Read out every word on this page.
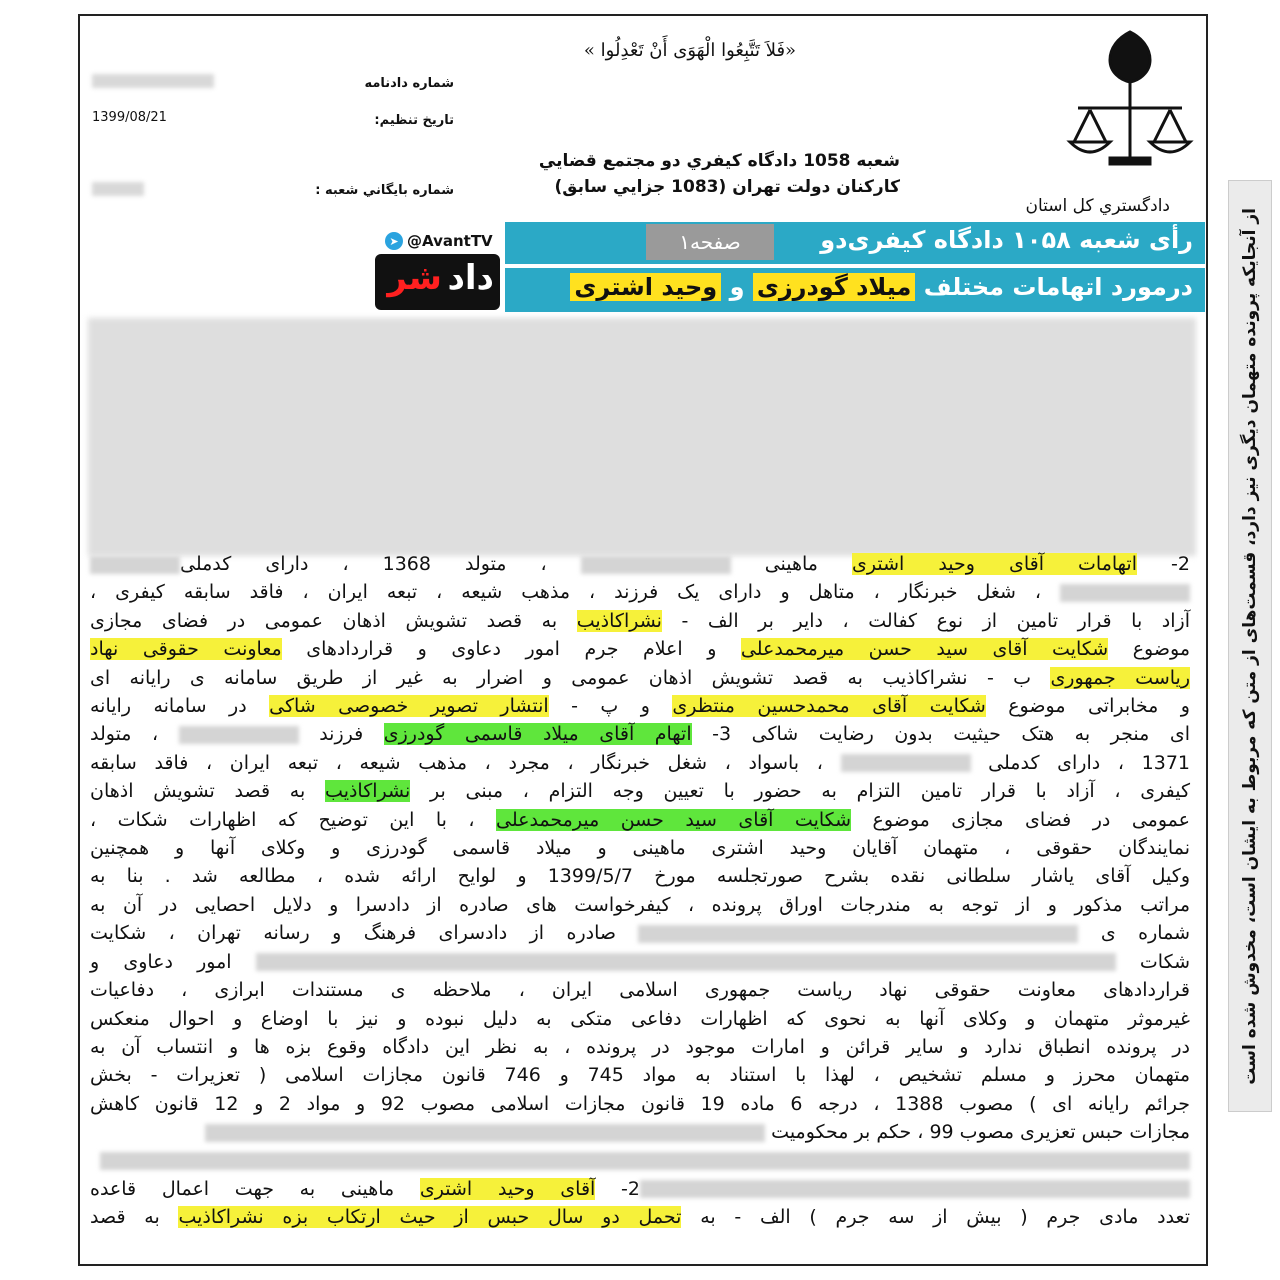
از آنجایکه پرونده متهمان دیگری نیز دارد، قسمت‌های از متن که مربوط به ایشان است، مخدوش شده است
«فَلاَ تَتَّبِعُوا الْهَوَى أَنْ تَعْدِلُوا »
شماره دادنامه
تاريخ تنظيم:
1399/08/21
شماره بايگاني شعبه :
شعبه 1058 دادگاه كيفري دو مجتمع قضايي
كاركنان دولت تهران (1083 جزايي سابق)
دادگستري كل استان
رأی شعبه ۱۰۵۸ دادگاه کیفری‌دو
صفحه۱
درمورد اتهامات مختلف میلاد گودرزی و وحید اشتری
➤ @AvantTV
شر داد

2- اتهامات آقای وحید اشتری ماهینی  ، متولد 1368 ، دارای کدملی

، شغل خبرنگار ، متاهل و دارای یک فرزند ، مذهب شیعه ، تبعه ایران ، فاقد سابقه کیفری ،

آزاد با قرار تامین از نوع کفالت ، دایر بر الف - نشراکاذیب به قصد تشویش اذهان عمومی در فضای مجازی

موضوع شکایت آقای سید حسن میرمحمدعلی و اعلام جرم امور دعاوی و قراردادهای معاونت حقوقی نهاد

ریاست جمهوری ب - نشراکاذیب به قصد تشویش اذهان عمومی و اضرار به غیر از طریق سامانه ی رایانه ای

و مخابراتی موضوع شکایت آقای محمدحسین منتظری و پ - انتشار تصویر خصوصی شاکی در سامانه رایانه

ای منجر به هتک حیثیت بدون رضایت شاکی 3- اتهام آقای میلاد قاسمی گودرزی فرزند  ، متولد

1371 ، دارای کدملی  ، باسواد ، شغل خبرنگار ، مجرد ، مذهب شیعه ، تبعه ایران ، فاقد سابقه

کیفری ، آزاد با قرار تامین التزام به حضور با تعیین وجه التزام ، مبنی بر نشراکاذیب به قصد تشویش اذهان

عمومی در فضای مجازی موضوع شکایت آقای سید حسن میرمحمدعلی ، با این توضیح که اظهارات شکات ،

نمایندگان حقوقی ، متهمان آقایان وحید اشتری ماهینی و میلاد قاسمی گودرزی و وکلای آنها و همچنین

وکیل آقای یاشار سلطانی نقده بشرح صورتجلسه مورخ 1399/5/7 و لوایح ارائه شده ، مطالعه شد . بنا به

مراتب مذکور و از توجه به مندرجات اوراق پرونده ، کیفرخواست های صادره از دادسرا و دلایل احصایی در آن به

شماره ی  صادره از دادسرای فرهنگ و رسانه تهران ، شکایت

شکات  امور دعاوی و

قراردادهای معاونت حقوقی نهاد ریاست جمهوری اسلامی ایران ، ملاحظه ی مستندات ابرازی ، دفاعیات

غیرموثر متهمان و وکلای آنها به نحوی که اظهارات دفاعی متکی به دلیل نبوده و نیز با اوضاع و احوال منعکس

در پرونده انطباق ندارد و سایر قرائن و امارات موجود در پرونده ، به نظر این دادگاه وقوع بزه ها و انتساب آن به

متهمان محرز و مسلم تشخیص ، لهذا با استناد به مواد 745 و 746 قانون مجازات اسلامی ( تعزیرات - بخش

جرائم رایانه ای ) مصوب 1388 ، درجه 6 ماده 19 قانون مجازات اسلامی مصوب 92 و مواد 2 و 12 قانون کاهش

مجازات حبس تعزیری مصوب 99 ، حکم بر محکومیت

2- آقای وحید اشتری ماهینی به جهت اعمال قاعده

تعدد مادی جرم ( بیش از سه جرم ) الف - به تحمل دو سال حبس از حیث ارتکاب بزه نشراکاذیب به قصد
